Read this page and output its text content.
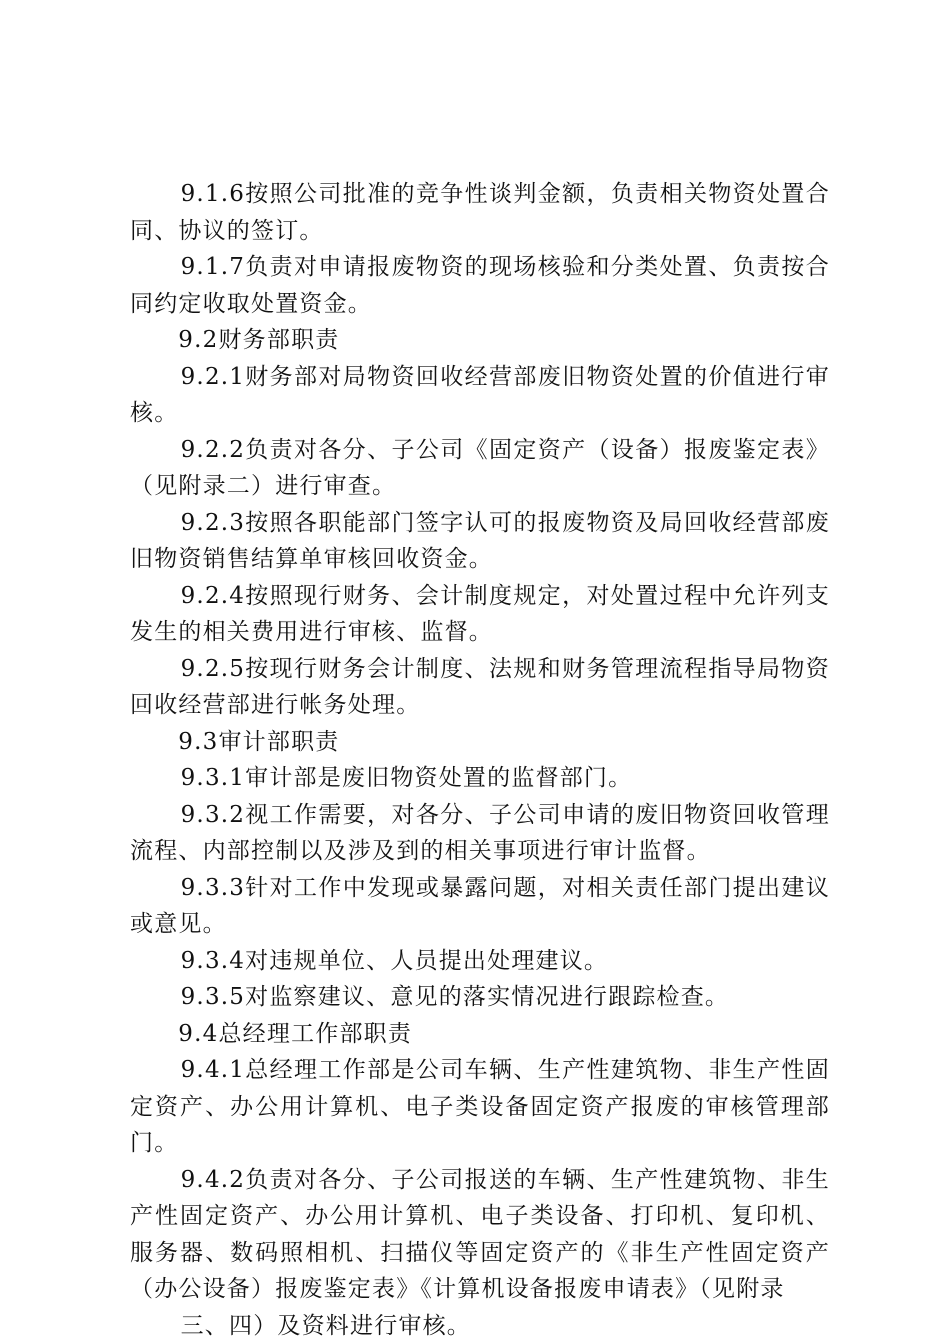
9.1.6按照公司批准的竞争性谈判金额，负责相关物资处置合同、协议的签订。

9.1.7负责对申请报废物资的现场核验和分类处置、负责按合同约定收取处置资金。

9.2财务部职责

9.2.1财务部对局物资回收经营部废旧物资处置的价值进行审核。

9.2.2负责对各分、子公司《固定资产（设备）报废鉴定表》（见附录二）进行审查。

9.2.3按照各职能部门签字认可的报废物资及局回收经营部废旧物资销售结算单审核回收资金。

9.2.4按照现行财务、会计制度规定，对处置过程中允许列支发生的相关费用进行审核、监督。

9.2.5按现行财务会计制度、法规和财务管理流程指导局物资回收经营部进行帐务处理。

9.3审计部职责

9.3.1审计部是废旧物资处置的监督部门。

9.3.2视工作需要，对各分、子公司申请的废旧物资回收管理流程、内部控制以及涉及到的相关事项进行审计监督。

9.3.3针对工作中发现或暴露问题，对相关责任部门提出建议或意见。

9.3.4对违规单位、人员提出处理建议。

9.3.5对监察建议、意见的落实情况进行跟踪检查。

9.4总经理工作部职责

9.4.1总经理工作部是公司车辆、生产性建筑物、非生产性固定资产、办公用计算机、电子类设备固定资产报废的审核管理部门。

9.4.2负责对各分、子公司报送的车辆、生产性建筑物、非生产性固定资产、办公用计算机、电子类设备、打印机、复印机、服务器、数码照相机、扫描仪等固定资产的《非生产性固定资产（办公设备）报废鉴定表》《计算机设备报废申请表》（见附录

三、四）及资料进行审核。
